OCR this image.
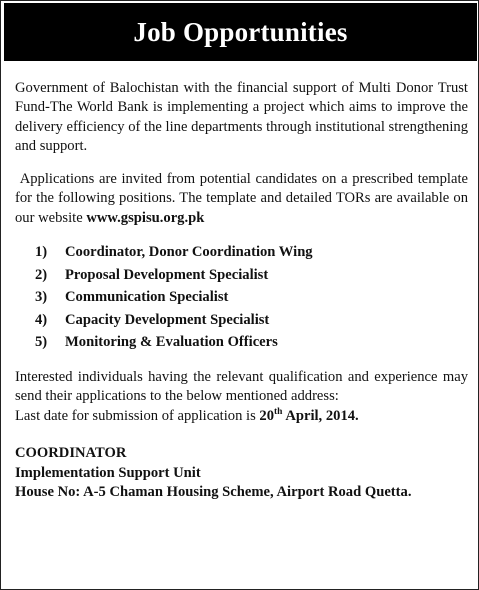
Job Opportunities

Government of Balochistan with the financial support of Multi Donor Trust Fund-The World Bank is implementing a project which aims to improve the delivery efficiency of the line departments through institutional strengthening and support.

Applications are invited from potential candidates on a prescribed template for the following positions. The template and detailed TORs are available on our website www.gspisu.org.pk

1)	Coordinator, Donor Coordination Wing
2)	Proposal Development Specialist
3)	Communication Specialist
4)	Capacity Development Specialist
5)	Monitoring & Evaluation Officers

Interested individuals having the relevant qualification and experience may send their applications to the below mentioned address:

Last date for submission of application is 20th April, 2014.

COORDINATOR
Implementation Support Unit
House No: A-5 Chaman Housing Scheme, Airport Road Quetta.
